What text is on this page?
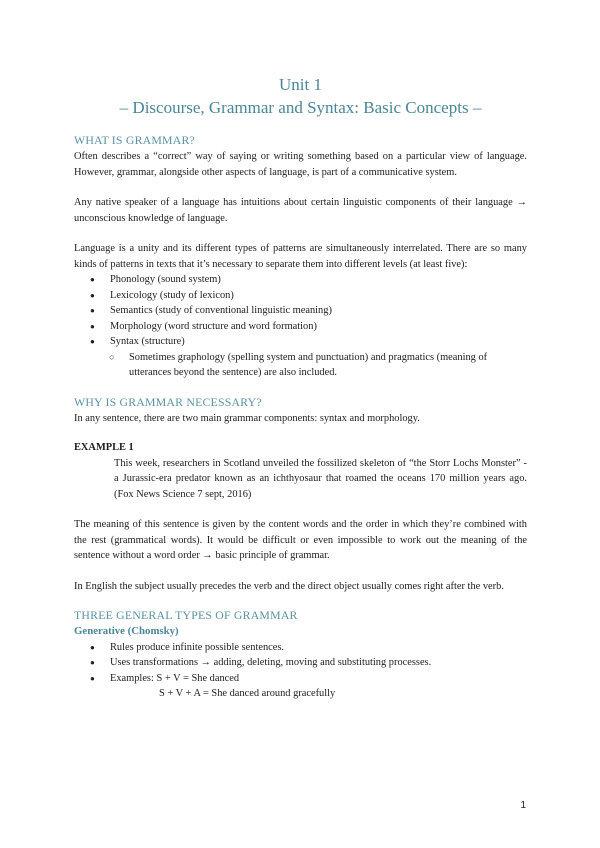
Unit 1
– Discourse, Grammar and Syntax: Basic Concepts –
WHAT IS GRAMMAR?

Often describes a “correct” way of saying or writing something based on a particular view of language. However, grammar, alongside other aspects of language, is part of a communicative system.

Any native speaker of a language has intuitions about certain linguistic components of their language → unconscious knowledge of language.

Language is a unity and its different types of patterns are simultaneously interrelated. There are so many kinds of patterns in texts that it’s necessary to separate them into different levels (at least five):

● Phonology (sound system)
● Lexicology (study of lexicon)
● Semantics (study of conventional linguistic meaning)
● Morphology (word structure and word formation)
● Syntax (structure)
○ Sometimes graphology (spelling system and punctuation) and pragmatics (meaning of utterances beyond the sentence) are also included.
WHY IS GRAMMAR NECESSARY?

In any sentence, there are two main grammar components: syntax and morphology.

EXAMPLE 1

This week, researchers in Scotland unveiled the fossilized skeleton of “the Storr Lochs Monster” - a Jurassic-era predator known as an ichthyosaur that roamed the oceans 170 million years ago. (Fox News Science 7 sept, 2016)

The meaning of this sentence is given by the content words and the order in which they’re combined with the rest (grammatical words). It would be difficult or even impossible to work out the meaning of the sentence without a word order → basic principle of grammar.

In English the subject usually precedes the verb and the direct object usually comes right after the verb.

THREE GENERAL TYPES OF GRAMMAR
Generative (Chomsky)
● Rules produce infinite possible sentences.
● Uses transformations → adding, deleting, moving and substituting processes.
● Examples: S + V = She danced
S + V + A = She danced around gracefully
1
